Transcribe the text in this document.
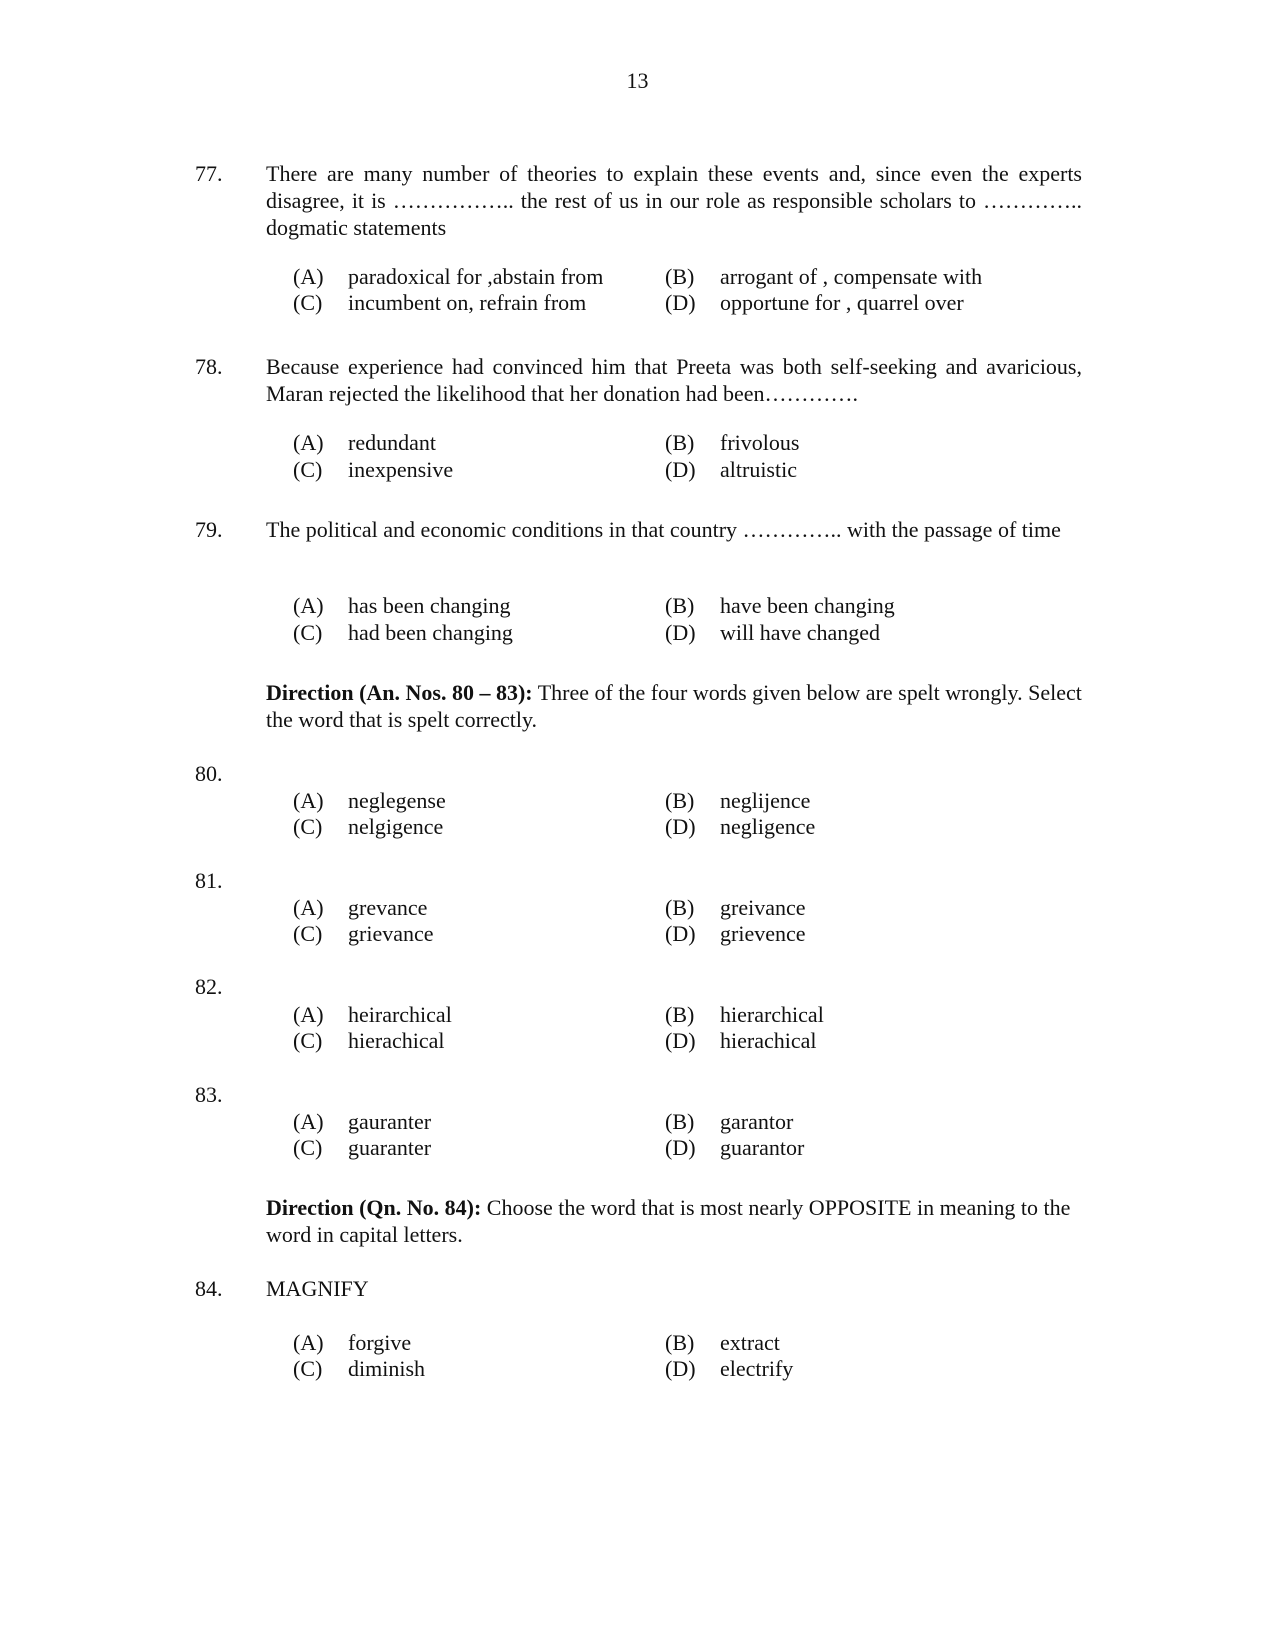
13
77. There are many number of theories to explain these events and, since even the experts disagree, it is …………….. the rest of us in our role as responsible scholars to ………….. dogmatic statements
(A) paradoxical for ,abstain from	(B) arrogant of , compensate with
(C) incumbent on, refrain from	(D) opportune for , quarrel over
78. Because experience had convinced him that Preeta was both self-seeking and avaricious, Maran rejected the likelihood that her donation had been………….
(A) redundant	(B) frivolous
(C) inexpensive	(D) altruistic
79. The political and economic conditions in that country ………….. with the passage of time
(A) has been changing	(B) have been changing
(C) had been changing	(D) will have changed
Direction (An. Nos. 80 – 83): Three of the four words given below are spelt wrongly. Select the word that is spelt correctly.
80.
(A) neglegense	(B) neglijence
(C) nelgigence	(D) negligence
81.
(A) grevance	(B) greivance
(C) grievance	(D) grievence
82.
(A) heirarchical	(B) hierarchical
(C) hierachical	(D) hierachical
83.
(A) gauranter	(B) garantor
(C) guaranter	(D) guarantor
Direction (Qn. No. 84): Choose the word that is most nearly OPPOSITE in meaning to the word in capital letters.
84. MAGNIFY
(A) forgive	(B) extract
(C) diminish	(D) electrify
